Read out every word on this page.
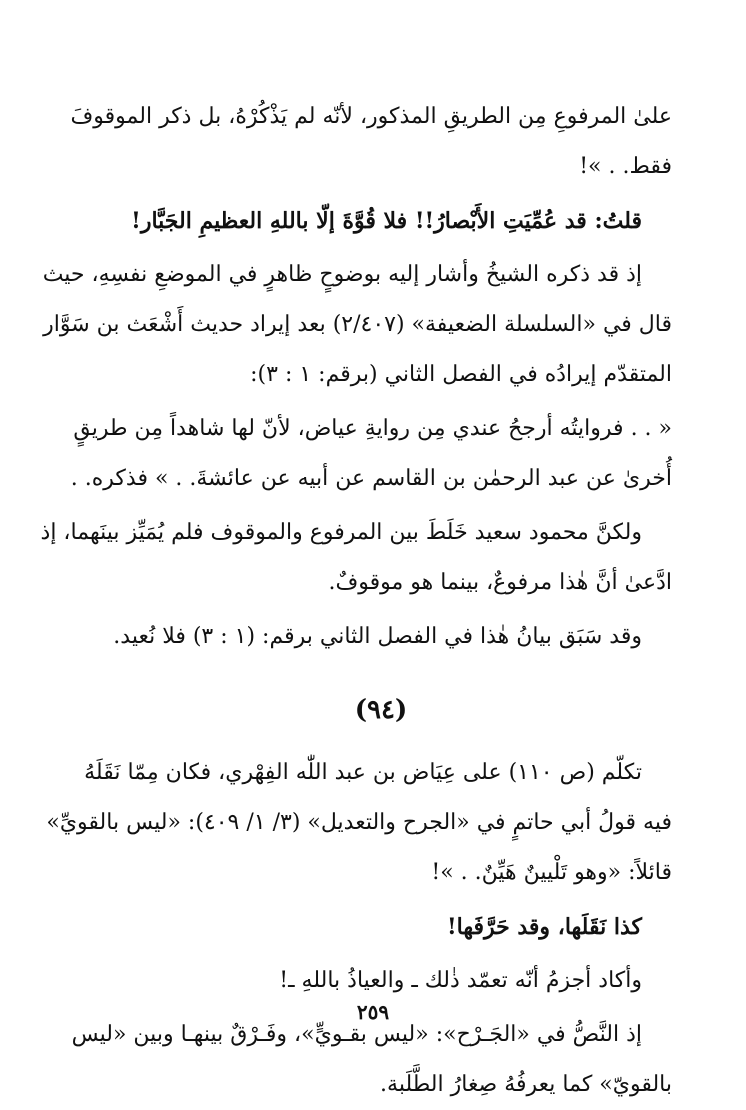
علىٰ المرفوعِ مِن الطريقِ المذكور، لأنّه لم يَذْكُرْهُ، بل ذكر الموقوفَ
فقط. . »!
قلتُ: قد عُمِّيَتِ الأَبْصارُ!! فلا قُوَّةَ إلّا باللهِ العظيمِ الجَبَّار!
إذ قد ذكره الشيخُ وأشار إليه بوضوحٍ ظاهرٍ في الموضعِ نفسِهِ، حيث
قال في «السلسلة الضعيفة» (٢/٤٠٧) بعد إيراد حديث أَشْعَث بن سَوَّار
المتقدّم إيرادُه في الفصل الثاني (برقم: ١ : ٣):
« . . فروايتُه أرجحُ عندي مِن روايةِ عياض، لأنّ لها شاهداً مِن طريقٍ
أُخرىٰ عن عبد الرحمٰن بن القاسم عن أبيه عن عائشةَ. . » فذكره. .
ولكنَّ محمود سعيد خَلَطَ بين المرفوع والموقوف فلم يُمَيِّز بينَهما، إذ
ادَّعىٰ أنَّ هٰذا مرفوعٌ، بينما هو موقوفٌ.
وقد سَبَق بيانُ هٰذا في الفصل الثاني برقم: (١ : ٣) فلا نُعيد.
(٩٤)
تكلّم (ص ١١٠) على عِيَاض بن عبد اللّٰه الفِهْري، فكان مِمّا نَقَلَهُ
فيه قولُ أبي حاتمٍ في «الجرح والتعديل» (٣/ ١/ ٤٠٩): «ليس بالقويِّ»
قائلاً: «وهو تَلْيينٌ هَيِّنٌ. . »!
كذا نَقَلَها، وقد حَرَّفَها!
وأكاد أجزمُ أنّه تعمّد ذٰلك ـ والعياذُ باللهِ ـ!
إذ النَّصُّ في «الجَـرْح»: «ليس بقـويٍّ»، وفَـرْقٌ بينهـا وبين «ليس
بالقويّ» كما يعرفُهُ صِغارُ الطَّلَبة.
٢٥٩
